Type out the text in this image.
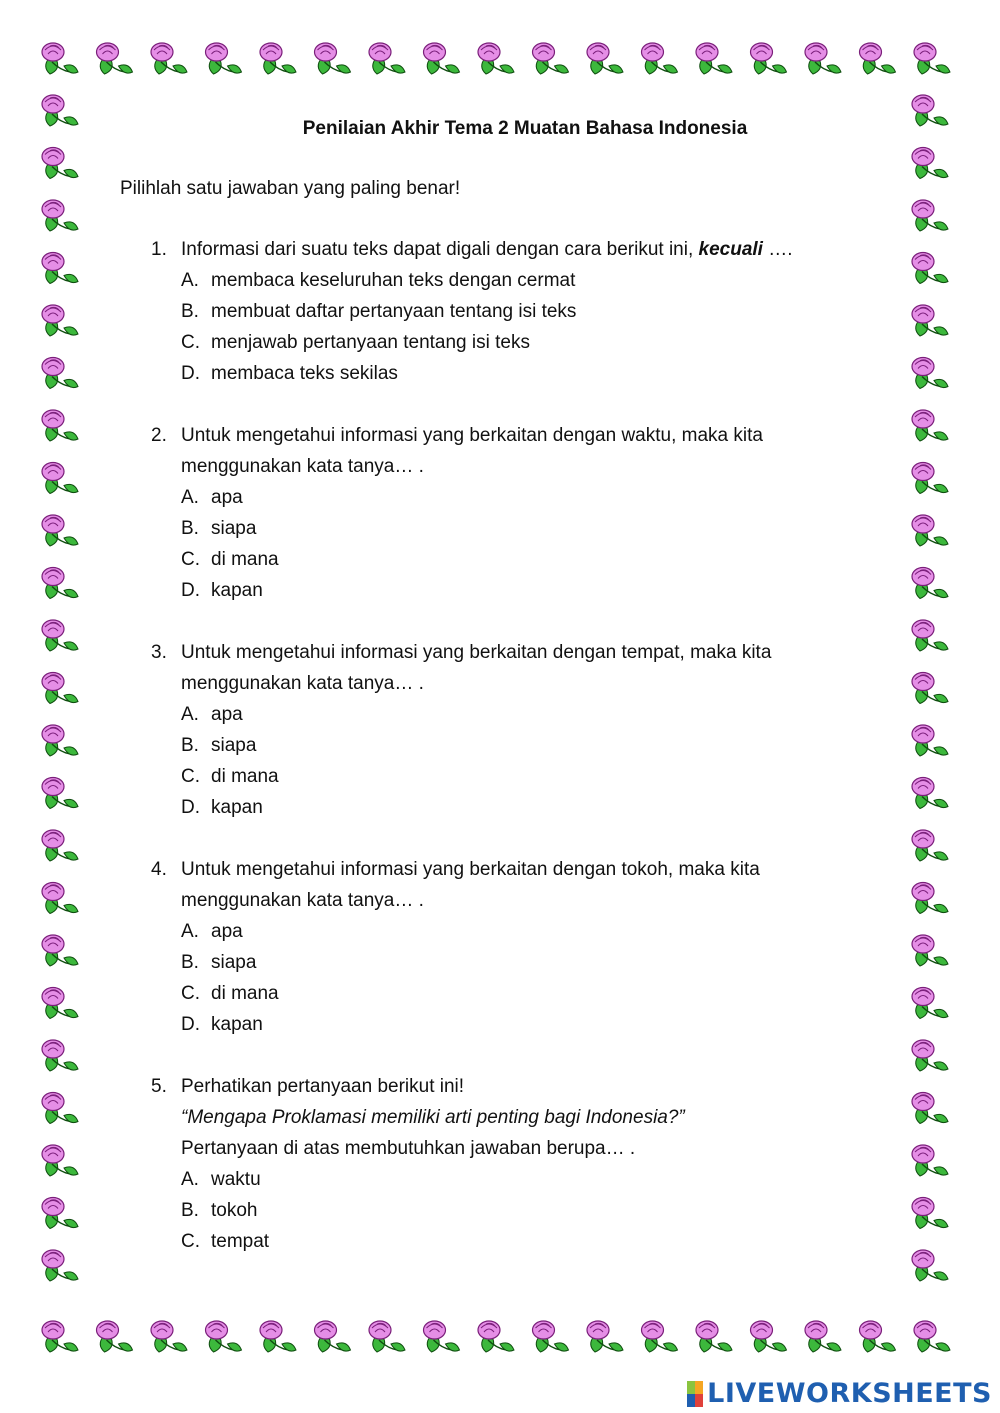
Penilaian Akhir Tema 2 Muatan Bahasa Indonesia
Pilihlah satu jawaban yang paling benar!
1. Informasi dari suatu teks dapat digali dengan cara berikut ini, kecuali ….
A. membaca keseluruhan teks dengan cermat
B. membuat daftar pertanyaan tentang isi teks
C. menjawab pertanyaan tentang isi teks
D. membaca teks sekilas
2. Untuk mengetahui informasi yang berkaitan dengan waktu, maka kita
menggunakan kata tanya… .
A. apa
B. siapa
C. di mana
D. kapan
3. Untuk mengetahui informasi yang berkaitan dengan tempat, maka kita
menggunakan kata tanya… .
A. apa
B. siapa
C. di mana
D. kapan
4. Untuk mengetahui informasi yang berkaitan dengan tokoh, maka kita
menggunakan kata tanya… .
A. apa
B. siapa
C. di mana
D. kapan
5. Perhatikan pertanyaan berikut ini!
“Mengapa Proklamasi memiliki arti penting bagi Indonesia?”
Pertanyaan di atas membutuhkan jawaban berupa… .
A. waktu
B. tokoh
C. tempat
LIVEWORKSHEETS
